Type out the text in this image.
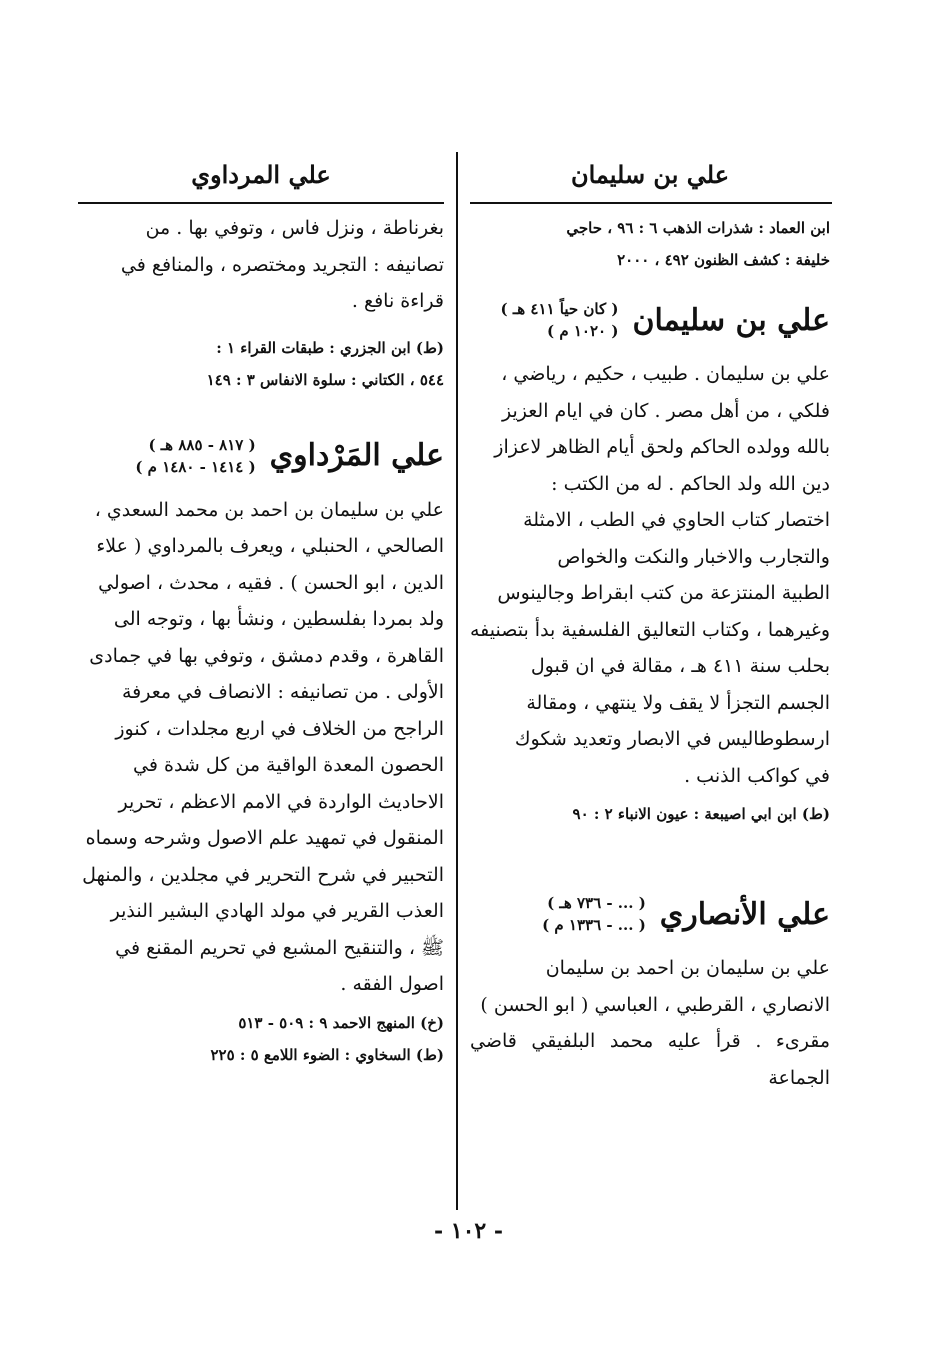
علي بن سليمان

ابن العماد : شذرات الذهب ٦ : ٩٦ ، حاجي

خليفة : كشف الظنون ٤٩٢ ، ٢٠٠٠

علي بن سليمان
( كان حياً ٤١١ هـ )
( ١٠٢٠ م )

علي بن سليمان . طبيب ، حكيم ، رياضي ،

فلكي ، من أهل مصر . كان في ايام العزيز

بالله وولده الحاكم ولحق أيام الظاهر لاعزاز

دين الله ولد الحاكم . له من الكتب :

اختصار كتاب الحاوي في الطب ، الامثلة

والتجارب والاخبار والنكت والخواص

الطبية المنتزعة من كتب ابقراط وجالينوس

وغيرهما ، وكتاب التعاليق الفلسفية بدأ بتصنيفه

بحلب سنة ٤١١ هـ ، مقالة في ان قبول

الجسم التجزأ لا يقف ولا ينتهي ، ومقالة

ارسطوطاليس في الابصار وتعديد شكوك

في كواكب الذنب .

(ط) ابن ابي اصيبعة : عيون الانباء ٢ : ٩٠

علي الأنصاري
( ... - ٧٣٦ هـ )
( ... - ١٣٣٦ م )

علي بن سليمان بن احمد بن سليمان

الانصاري ، القرطبي ، العباسي ( ابو الحسن )

مقرىء . قرأ عليه محمد البلفيقي قاضي الجماعة

علي المرداوي

بغرناطة ، ونزل فاس ، وتوفي بها . من

تصانيفه : التجريد ومختصره ، والمنافع في

قراءة نافع .

(ط) ابن الجزري : طبقات القراء ١ :

٥٤٤ ، الكتاني : سلوة الانفاس ٣ : ١٤٩

علي المَرْداوي
( ٨١٧ - ٨٨٥ هـ )
( ١٤١٤ - ١٤٨٠ م )

علي بن سليمان بن احمد بن محمد السعدي ،

الصالحي ، الحنبلي ، ويعرف بالمرداوي ( علاء

الدين ، ابو الحسن ) . فقيه ، محدث ، اصولي

ولد بمردا بفلسطين ، ونشأ بها ، وتوجه الى

القاهرة ، وقدم دمشق ، وتوفي بها في جمادى

الأولى . من تصانيفه : الانصاف في معرفة

الراجح من الخلاف في اربع مجلدات ، كنوز

الحصون المعدة الواقية من كل شدة في

الاحاديث الواردة في الامم الاعظم ، تحرير

المنقول في تمهيد علم الاصول وشرحه وسماه

التحبير في شرح التحرير في مجلدين ، والمنهل

العذب القرير في مولد الهادي البشير النذير

ﷺ ، والتنقيح المشبع في تحريم المقنع في

اصول الفقه .

(خ) المنهج الاحمد ٩ : ٥٠٩ - ٥١٣

(ط) السخاوي : الضوء اللامع ٥ : ٢٢٥

- ١٠٢ -
